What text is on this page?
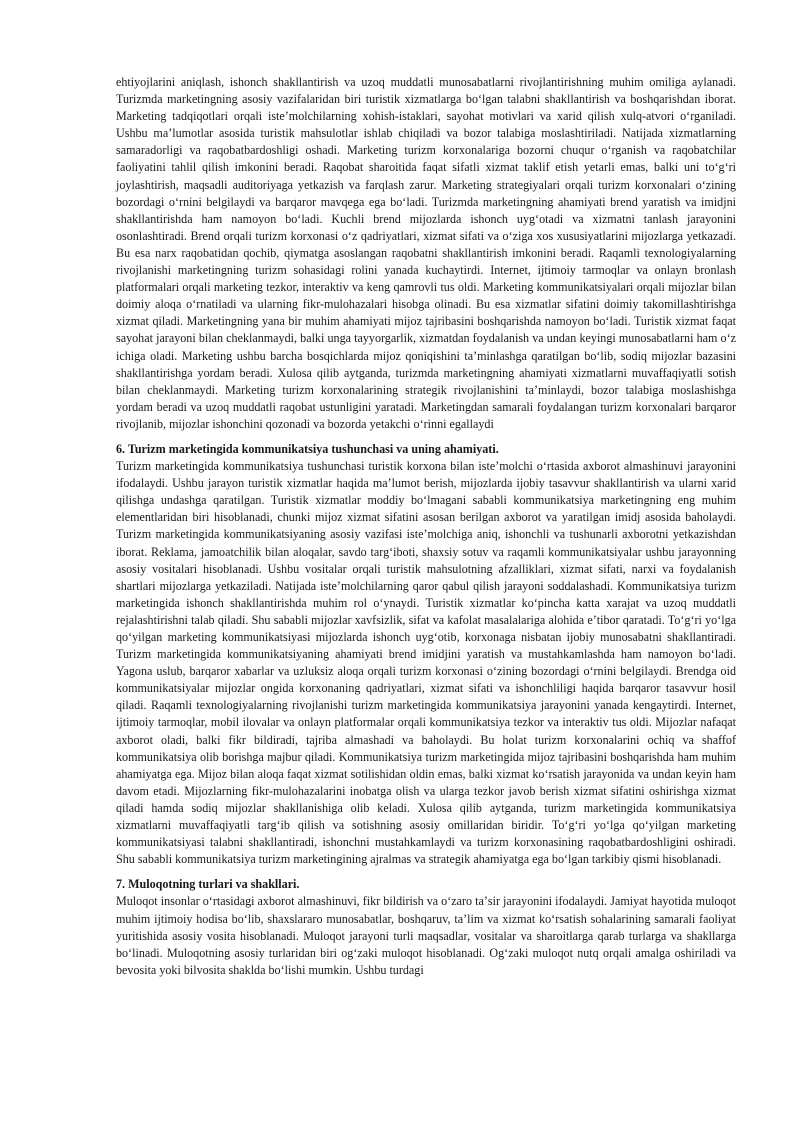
ehtiyojlarini aniqlash, ishonch shakllantirish va uzoq muddatli munosabatlarni rivojlantirishning muhim omiliga aylanadi. Turizmda marketingning asosiy vazifalaridan biri turistik xizmatlarga boʻlgan talabni shakllantirish va boshqarishdan iborat. Marketing tadqiqotlari orqali isteʼmolchilarning xohish-istaklari, sayohat motivlari va xarid qilish xulq-atvori oʻrganiladi. Ushbu maʼlumotlar asosida turistik mahsulotlar ishlab chiqiladi va bozor talabiga moslashtiriladi. Natijada xizmatlarning samaradorligi va raqobatbardoshligi oshadi. Marketing turizm korxonalariga bozorni chuqur oʻrganish va raqobatchilar faoliyatini tahlil qilish imkonini beradi. Raqobat sharoitida faqat sifatli xizmat taklif etish yetarli emas, balki uni toʻgʻri joylashtirish, maqsadli auditoriyaga yetkazish va farqlash zarur. Marketing strategiyalari orqali turizm korxonalari oʻzining bozordagi oʻrnini belgilaydi va barqaror mavqega ega boʻladi. Turizmda marketingning ahamiyati brend yaratish va imidjni shakllantirishda ham namoyon boʻladi. Kuchli brend mijozlarda ishonch uygʻotadi va xizmatni tanlash jarayonini osonlashtiradi. Brend orqali turizm korxonasi oʻz qadriyatlari, xizmat sifati va oʻziga xos xususiyatlarini mijozlarga yetkazadi. Bu esa narx raqobatidan qochib, qiymatga asoslangan raqobatni shakllantirish imkonini beradi. Raqamli texnologiyalarning rivojlanishi marketingning turizm sohasidagi rolini yanada kuchaytirdi. Internet, ijtimoiy tarmoqlar va onlayn bronlash platformalari orqali marketing tezkor, interaktiv va keng qamrovli tus oldi. Marketing kommunikatsiyalari orqali mijozlar bilan doimiy aloqa oʻrnatiladi va ularning fikr-mulohazalari hisobga olinadi. Bu esa xizmatlar sifatini doimiy takomillashtirishga xizmat qiladi. Marketingning yana bir muhim ahamiyati mijoz tajribasini boshqarishda namoyon boʻladi. Turistik xizmat faqat sayohat jarayoni bilan cheklanmaydi, balki unga tayyorgarlik, xizmatdan foydalanish va undan keyingi munosabatlarni ham oʻz ichiga oladi. Marketing ushbu barcha bosqichlarda mijoz qoniqishini taʼminlashga qaratilgan boʻlib, sodiq mijozlar bazasini shakllantirishga yordam beradi. Xulosa qilib aytganda, turizmda marketingning ahamiyati xizmatlarni muvaffaqiyatli sotish bilan cheklanmaydi. Marketing turizm korxonalarining strategik rivojlanishini taʼminlaydi, bozor talabiga moslashishga yordam beradi va uzoq muddatli raqobat ustunligini yaratadi. Marketingdan samarali foydalangan turizm korxonalari barqaror rivojlanib, mijozlar ishonchini qozonadi va bozorda yetakchi oʻrinni egallaydi

6. Turizm marketingida kommunikatsiya tushunchasi va uning ahamiyati.

Turizm marketingida kommunikatsiya tushunchasi turistik korxona bilan isteʼmolchi oʻrtasida axborot almashinuvi jarayonini ifodalaydi. Ushbu jarayon turistik xizmatlar haqida maʼlumot berish, mijozlarda ijobiy tasavvur shakllantirish va ularni xarid qilishga undashga qaratilgan. Turistik xizmatlar moddiy boʻlmagani sababli kommunikatsiya marketingning eng muhim elementlaridan biri hisoblanadi, chunki mijoz xizmat sifatini asosan berilgan axborot va yaratilgan imidj asosida baholaydi. Turizm marketingida kommunikatsiyaning asosiy vazifasi isteʼmolchiga aniq, ishonchli va tushunarli axborotni yetkazishdan iborat. Reklama, jamoatchilik bilan aloqalar, savdo targʻiboti, shaxsiy sotuv va raqamli kommunikatsiyalar ushbu jarayonning asosiy vositalari hisoblanadi. Ushbu vositalar orqali turistik mahsulotning afzalliklari, xizmat sifati, narxi va foydalanish shartlari mijozlarga yetkaziladi. Natijada isteʼmolchilarning qaror qabul qilish jarayoni soddalashadi. Kommunikatsiya turizm marketingida ishonch shakllantirishda muhim rol oʻynaydi. Turistik xizmatlar koʻpincha katta xarajat va uzoq muddatli rejalashtirishni talab qiladi. Shu sababli mijozlar xavfsizlik, sifat va kafolat masalalariga alohida eʼtibor qaratadi. Toʻgʻri yoʻlga qoʻyilgan marketing kommunikatsiyasi mijozlarda ishonch uygʻotib, korxonaga nisbatan ijobiy munosabatni shakllantiradi. Turizm marketingida kommunikatsiyaning ahamiyati brend imidjini yaratish va mustahkamlashda ham namoyon boʻladi. Yagona uslub, barqaror xabarlar va uzluksiz aloqa orqali turizm korxonasi oʻzining bozordagi oʻrnini belgilaydi. Brendga oid kommunikatsiyalar mijozlar ongida korxonaning qadriyatlari, xizmat sifati va ishonchliligi haqida barqaror tasavvur hosil qiladi. Raqamli texnologiyalarning rivojlanishi turizm marketingida kommunikatsiya jarayonini yanada kengaytirdi. Internet, ijtimoiy tarmoqlar, mobil ilovalar va onlayn platformalar orqali kommunikatsiya tezkor va interaktiv tus oldi. Mijozlar nafaqat axborot oladi, balki fikr bildiradi, tajriba almashadi va baholaydi. Bu holat turizm korxonalarini ochiq va shaffof kommunikatsiya olib borishga majbur qiladi. Kommunikatsiya turizm marketingida mijoz tajribasini boshqarishda ham muhim ahamiyatga ega. Mijoz bilan aloqa faqat xizmat sotilishidan oldin emas, balki xizmat koʻrsatish jarayonida va undan keyin ham davom etadi. Mijozlarning fikr-mulohazalarini inobatga olish va ularga tezkor javob berish xizmat sifatini oshirishga xizmat qiladi hamda sodiq mijozlar shakllanishiga olib keladi. Xulosa qilib aytganda, turizm marketingida kommunikatsiya xizmatlarni muvaffaqiyatli targʻib qilish va sotishning asosiy omillaridan biridir. Toʻgʻri yoʻlga qoʻyilgan marketing kommunikatsiyasi talabni shakllantiradi, ishonchni mustahkamlaydi va turizm korxonasining raqobatbardoshligini oshiradi. Shu sababli kommunikatsiya turizm marketingining ajralmas va strategik ahamiyatga ega boʻlgan tarkibiy qismi hisoblanadi.

7. Muloqotning turlari va shakllari.

Muloqot insonlar oʻrtasidagi axborot almashinuvi, fikr bildirish va oʻzaro taʼsir jarayonini ifodalaydi. Jamiyat hayotida muloqot muhim ijtimoiy hodisa boʻlib, shaxslararo munosabatlar, boshqaruv, taʼlim va xizmat koʻrsatish sohalarining samarali faoliyat yuritishida asosiy vosita hisoblanadi. Muloqot jarayoni turli maqsadlar, vositalar va sharoitlarga qarab turlarga va shakllarga boʻlinadi. Muloqotning asosiy turlaridan biri ogʻzaki muloqot hisoblanadi. Ogʻzaki muloqot nutq orqali amalga oshiriladi va bevosita yoki bilvosita shaklda boʻlishi mumkin. Ushbu turdagi
